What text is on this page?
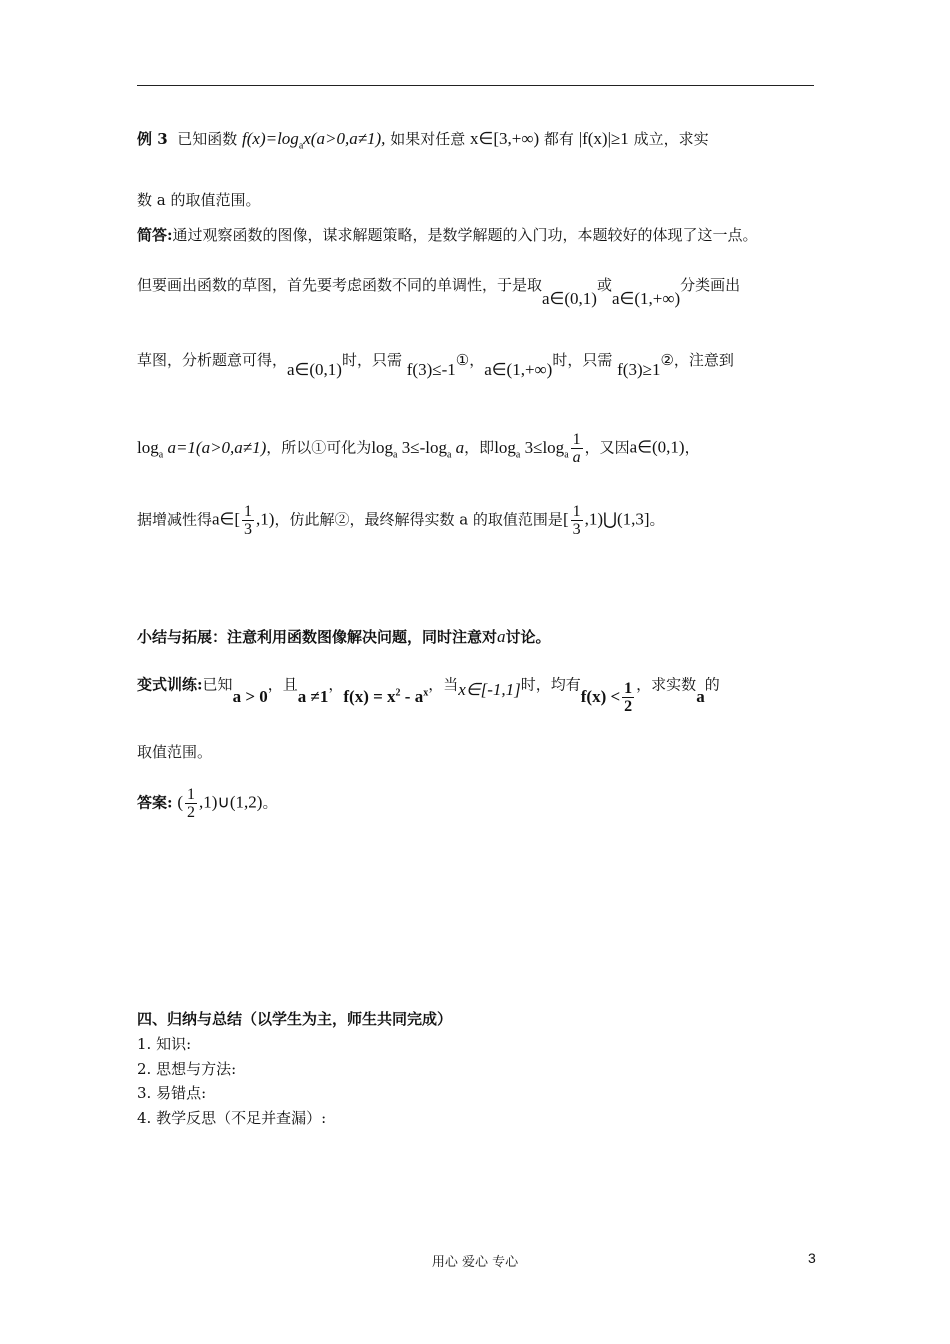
例 3 已知函数 $f(x)=\log_ax(a>0,a\ne 1)$, 如果对任意 x∈[3,+∞) 都有 |f(x)|≥1 成立，求实
数 a 的取值范围。
简答:通过观察函数的图像，谋求解题策略，是数学解题的入门功，本题较好的体现了这一点。
但要画出函数的草图，首先要考虑函数不同的单调性，于是取a∈(0,1)或a∈(1,+∞)分类画出
草图，分析题意可得，a∈(0,1)时，只需 f(3)≤-1①，a∈(1,+∞)时，只需 f(3)≥1②，注意到
$\log_a a=1(a>0,a\ne 1)$，所以①可化为$\log_a 3\le-\log_a$ a，即$\log_a 3\le\log_a \frac{1}{a}$ ，又因a∈(0,1)，
据增减性得a∈[ $\frac{1}{3} ,1$)，仿此解②，最终解得实数 a 的取值范围是[ $\frac{1}{3}$ ,1)⋃(1,3]。
小结与拓展：注意利用函数图像解决问题，同时注意对a讨论。
变式训练:已知a > 0，且a ≠1，$f(x) = x^2 - a^x$，当x∈[-1,1]时，均有$f(x) < \frac{1}{2}$ ，求实数a的
取值范围。
答案: ( $\frac{1}{2}$ ,1)∪(1,2)。
四、归纳与总结（以学生为主，师生共同完成）
1. 知识:
2. 思想与方法:
3. 易错点:
4. 教学反思（不足并查漏）:
用心 爱心 专心	3
